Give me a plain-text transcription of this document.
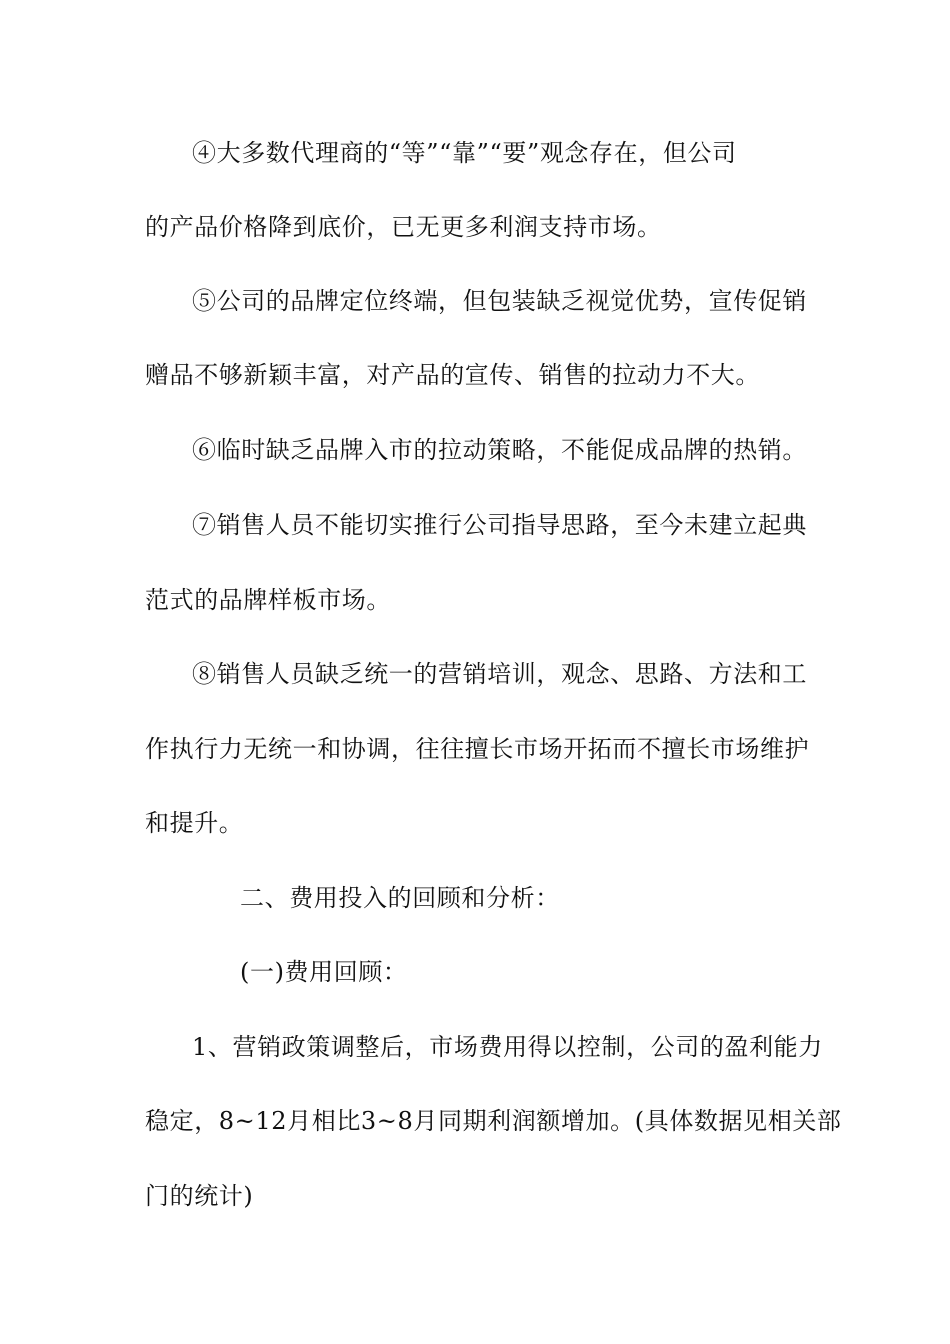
④大多数代理商的“等”“靠”“要”观念存在，但公司
的产品价格降到底价，已无更多利润支持市场。
⑤公司的品牌定位终端，但包装缺乏视觉优势，宣传促销
赠品不够新颖丰富，对产品的宣传、销售的拉动力不大。
⑥临时缺乏品牌入市的拉动策略，不能促成品牌的热销。
⑦销售人员不能切实推行公司指导思路，至今未建立起典
范式的品牌样板市场。
⑧销售人员缺乏统一的营销培训，观念、思路、方法和工
作执行力无统一和协调，往往擅长市场开拓而不擅长市场维护
和提升。
二、费用投入的回顾和分析：
(一)费用回顾：
1、营销政策调整后，市场费用得以控制，公司的盈利能力
稳定，8~12月相比3~8月同期利润额增加。(具体数据见相关部
门的统计)
